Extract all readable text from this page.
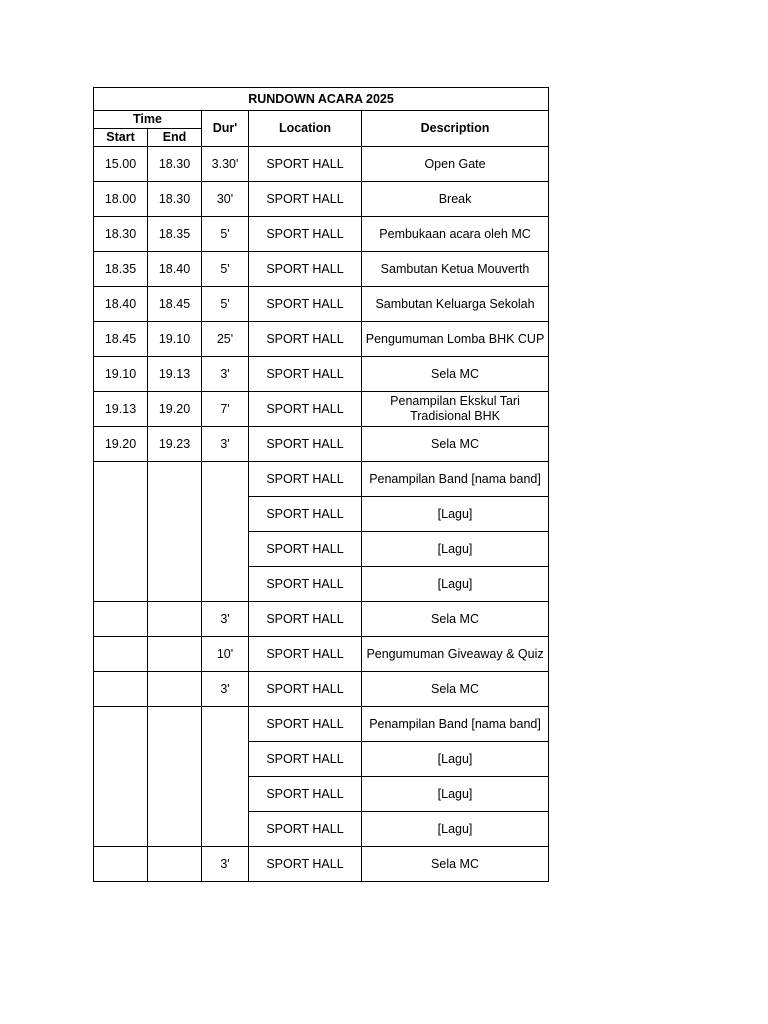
RUNDOWN ACARA 2025				
Time		Dur'	Location	Description
Start	End			
15.00	18.30	3.30'	SPORT HALL	Open Gate
18.00	18.30	30'	SPORT HALL	Break
18.30	18.35	5'	SPORT HALL	Pembukaan acara oleh MC
18.35	18.40	5'	SPORT HALL	Sambutan Ketua Mouverth
18.40	18.45	5'	SPORT HALL	Sambutan Keluarga Sekolah
18.45	19.10	25'	SPORT HALL	Pengumuman Lomba BHK CUP
19.10	19.13	3'	SPORT HALL	Sela MC
19.13	19.20	7'	SPORT HALL	Penampilan Ekskul Tari Tradisional BHK
19.20	19.23	3'	SPORT HALL	Sela MC
			SPORT HALL	Penampilan Band [nama band]
			SPORT HALL	[Lagu]
			SPORT HALL	[Lagu]
			SPORT HALL	[Lagu]
		3'	SPORT HALL	Sela MC
		10'	SPORT HALL	Pengumuman Giveaway & Quiz
		3'	SPORT HALL	Sela MC
			SPORT HALL	Penampilan Band [nama band]
			SPORT HALL	[Lagu]
			SPORT HALL	[Lagu]
			SPORT HALL	[Lagu]
		3'	SPORT HALL	Sela MC
